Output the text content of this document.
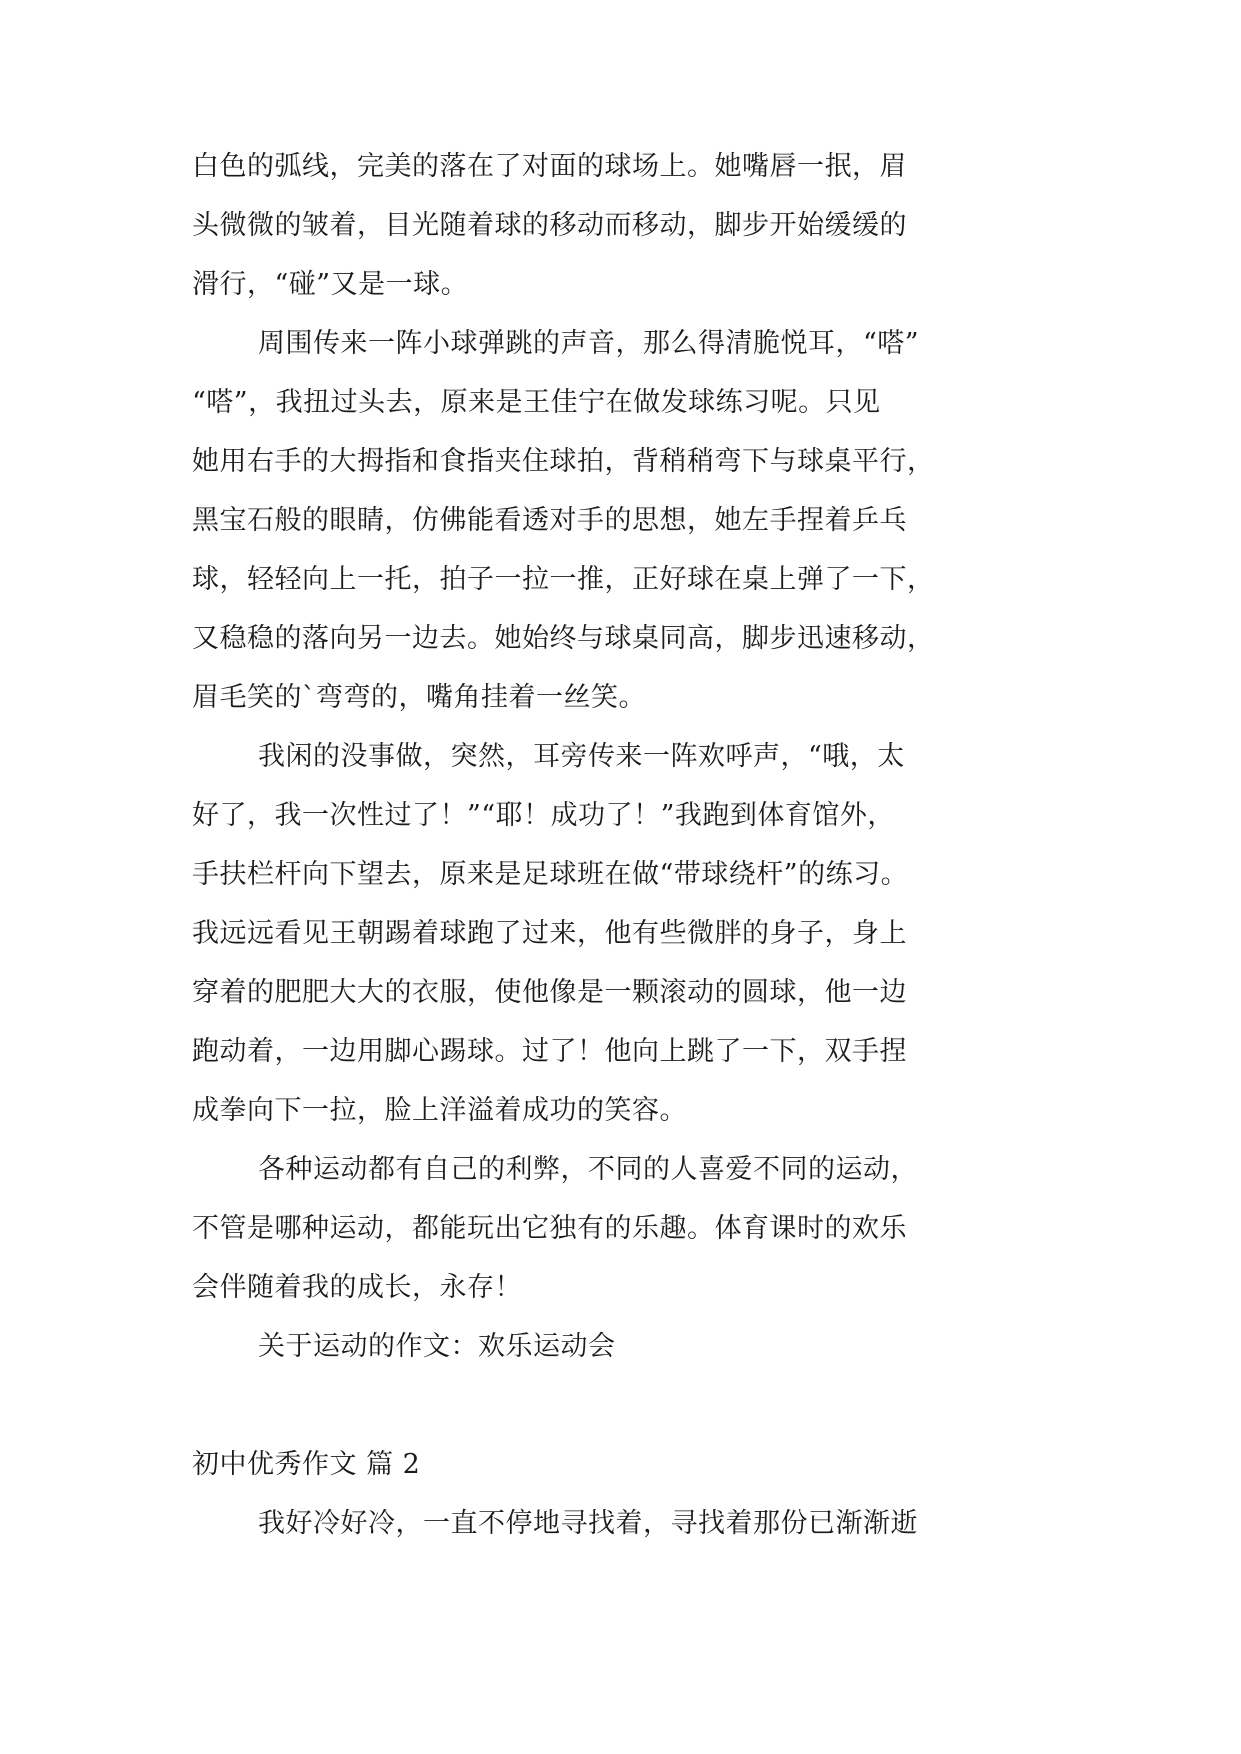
白色的弧线，完美的落在了对面的球场上。她嘴唇一抿，眉
头微微的皱着，目光随着球的移动而移动，脚步开始缓缓的
滑行，“碰”又是一球。
周围传来一阵小球弹跳的声音，那么得清脆悦耳，“嗒”
“嗒”，我扭过头去，原来是王佳宁在做发球练习呢。只见
她用右手的大拇指和食指夹住球拍，背稍稍弯下与球桌平行，
黑宝石般的眼睛，仿佛能看透对手的思想，她左手捏着乒乓
球，轻轻向上一托，拍子一拉一推，正好球在桌上弹了一下，
又稳稳的落向另一边去。她始终与球桌同高，脚步迅速移动，
眉毛笑的`弯弯的，嘴角挂着一丝笑。
我闲的没事做，突然，耳旁传来一阵欢呼声，“哦，太
好了，我一次性过了！”“耶！成功了！”我跑到体育馆外，
手扶栏杆向下望去，原来是足球班在做“带球绕杆”的练习。
我远远看见王朝踢着球跑了过来，他有些微胖的身子，身上
穿着的肥肥大大的衣服，使他像是一颗滚动的圆球，他一边
跑动着，一边用脚心踢球。过了！他向上跳了一下，双手捏
成拳向下一拉，脸上洋溢着成功的笑容。
各种运动都有自己的利弊，不同的人喜爱不同的运动，
不管是哪种运动，都能玩出它独有的乐趣。体育课时的欢乐
会伴随着我的成长，永存！
关于运动的作文：欢乐运动会
初中优秀作文 篇 2
我好冷好冷，一直不停地寻找着，寻找着那份已渐渐逝
